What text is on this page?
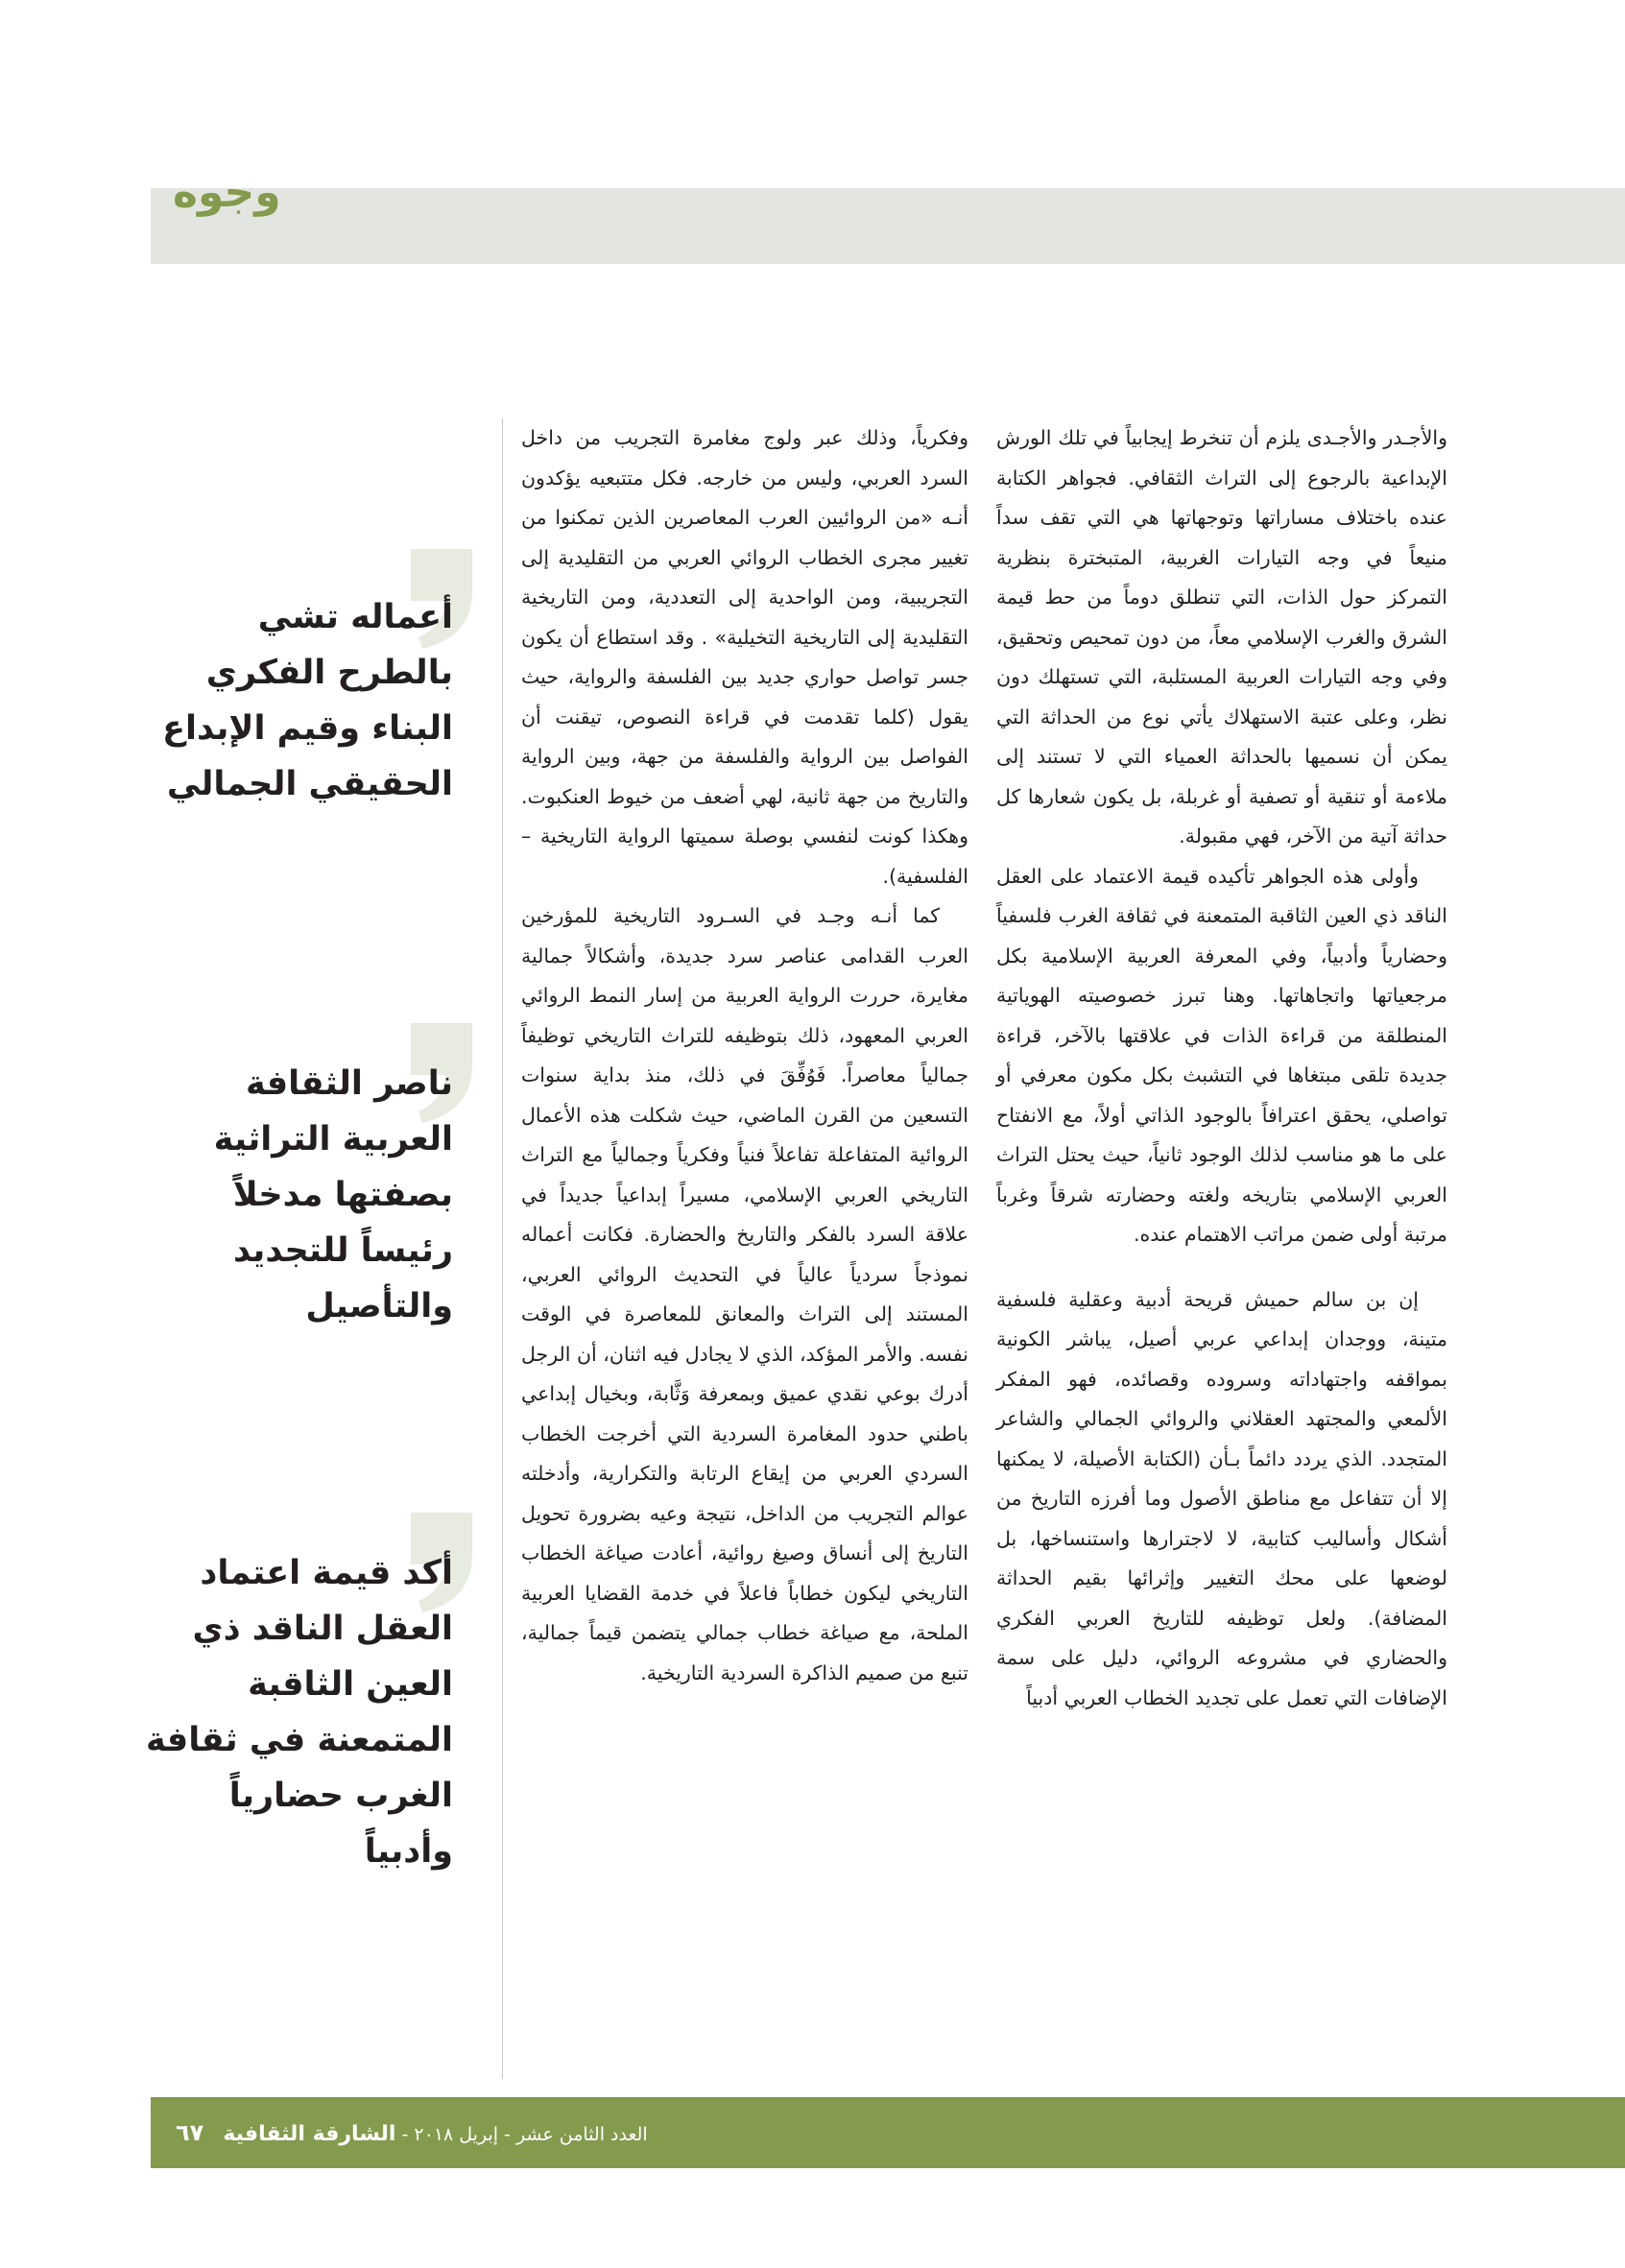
وجوه

والأجـدر والأجـدى يلزم أن تنخرط إيجابياً في تلك الورش الإبداعية بالرجوع إلى التراث الثقافي. فجواهر الكتابة عنده باختلاف مساراتها وتوجهاتها هي التي تقف سداً منيعاً في وجه التيارات الغربية، المتبخترة بنظرية التمركز حول الذات، التي تنطلق دوماً من حط قيمة الشرق والغرب الإسلامي معاً، من دون تمحيص وتحقيق، وفي وجه التيارات العربية المستلبة، التي تستهلك دون نظر، وعلى عتبة الاستهلاك يأتي نوع من الحداثة التي يمكن أن نسميها بالحداثة العمياء التي لا تستند إلى ملاءمة أو تنقية أو تصفية أو غربلة، بل يكون شعارها كل حداثة آتية من الآخر، فهي مقبولة.

وأولى هذه الجواهر تأكيده قيمة الاعتماد على العقل الناقد ذي العين الثاقبة المتمعنة في ثقافة الغرب فلسفياً وحضارياً وأدبياً، وفي المعرفة العربية الإسلامية بكل مرجعياتها واتجاهاتها. وهنا تبرز خصوصيته الهوياتية المنطلقة من قراءة الذات في علاقتها بالآخر، قراءة جديدة تلقى مبتغاها في التشبث بكل مكون معرفي أو تواصلي، يحقق اعترافاً بالوجود الذاتي أولاً، مع الانفتاح على ما هو مناسب لذلك الوجود ثانياً، حيث يحتل التراث العربي الإسلامي بتاريخه ولغته وحضارته شرقاً وغرباً مرتبة أولى ضمن مراتب الاهتمام عنده.

إن بن سالم حميش قريحة أدبية وعقلية فلسفية متينة، ووجدان إبداعي عربي أصيل، يباشر الكونية بمواقفه واجتهاداته وسروده وقصائده، فهو المفكر الألمعي والمجتهد العقلاني والروائي الجمالي والشاعر المتجدد. الذي يردد دائماً بـأن (الكتابة الأصيلة، لا يمكنها إلا أن تتفاعل مع مناطق الأصول وما أفرزه التاريخ من أشكال وأساليب كتابية، لا لاجترارها واستنساخها، بل لوضعها على محك التغيير وإثرائها بقيم الحداثة المضافة). ولعل توظيفه للتاريخ العربي الفكري والحضاري في مشروعه الروائي، دليل على سمة الإضافات التي تعمل على تجديد الخطاب العربي أدبياً

وفكرياً، وذلك عبر ولوج مغامرة التجريب من داخل السرد العربي، وليس من خارجه. فكل متتبعيه يؤكدون أنـه «من الروائيين العرب المعاصرين الذين تمكنوا من تغيير مجرى الخطاب الروائي العربي من التقليدية إلى التجريبية، ومن الواحدية إلى التعددية، ومن التاريخية التقليدية إلى التاريخية التخيلية» . وقد استطاع أن يكون جسر تواصل حواري جديد بين الفلسفة والرواية، حيث يقول (كلما تقدمت في قراءة النصوص، تيقنت أن الفواصل بين الرواية والفلسفة من جهة، وبين الرواية والتاريخ من جهة ثانية، لهي أضعف من خيوط العنكبوت. وهكذا كونت لنفسي بوصلة سميتها الرواية التاريخية – الفلسفية).

كما أنـه وجـد في السـرود التاريخية للمؤرخين العرب القدامى عناصر سرد جديدة، وأشكالاً جمالية مغايرة، حررت الرواية العربية من إسار النمط الروائي العربي المعهود، ذلك بتوظيفه للتراث التاريخي توظيفاً جمالياً معاصراً. فَوُفِّقَ في ذلك، منذ بداية سنوات التسعين من القرن الماضي، حيث شكلت هذه الأعمال الروائية المتفاعلة تفاعلاً فنياً وفكرياً وجمالياً مع التراث التاريخي العربي الإسلامي، مسيراً إبداعياً جديداً في علاقة السرد بالفكر والتاريخ والحضارة. فكانت أعماله نموذجاً سردياً عالياً في التحديث الروائي العربي، المستند إلى التراث والمعانق للمعاصرة في الوقت نفسه. والأمر المؤكد، الذي لا يجادل فيه اثنان، أن الرجل أدرك بوعي نقدي عميق وبمعرفة وَثَّابة، وبخيال إبداعي باطني حدود المغامرة السردية التي أخرجت الخطاب السردي العربي من إيقاع الرتابة والتكرارية، وأدخلته عوالم التجريب من الداخل، نتيجة وعيه بضرورة تحويل التاريخ إلى أنساق وصيغ روائية، أعادت صياغة الخطاب التاريخي ليكون خطاباً فاعلاً في خدمة القضايا العربية الملحة، مع صياغة خطاب جمالي يتضمن قيماً جمالية، تنبع من صميم الذاكرة السردية التاريخية.

أعماله تشي بالطرح الفكري البناء وقيم الإبداع الحقيقي الجمالي
ناصر الثقافة العربية التراثية بصفتها مدخلاً رئيساً للتجديد والتأصيل
أكد قيمة اعتماد العقل الناقد ذي العين الثاقبة المتمعنة في ثقافة الغرب حضارياً وأدبياً
العدد الثامن عشر - إبريل ٢٠١٨ - الشارقة الثقافية ٦٧
